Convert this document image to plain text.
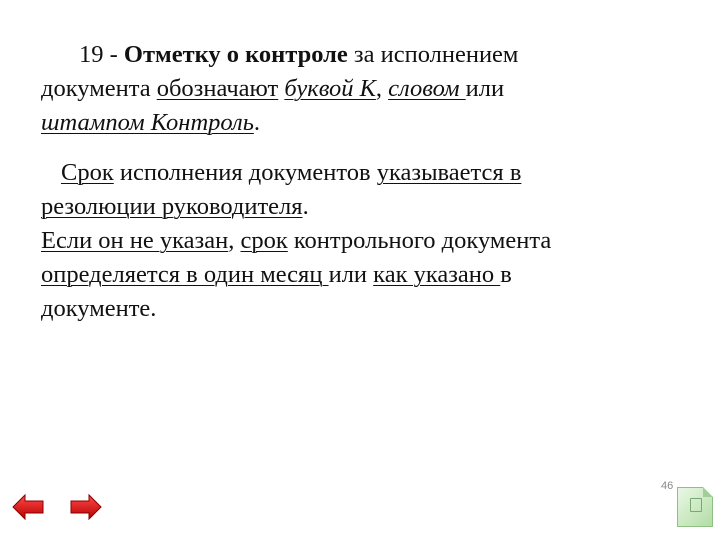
19 - Отметку о контроле за исполнением
документа обозначают буквой К, словом или
штампом Контроль.
Срок исполнения документов указывается в
резолюции руководителя.
Если он не указан, срок контрольного документа
определяется в один месяц или как указано в
документе.
46
